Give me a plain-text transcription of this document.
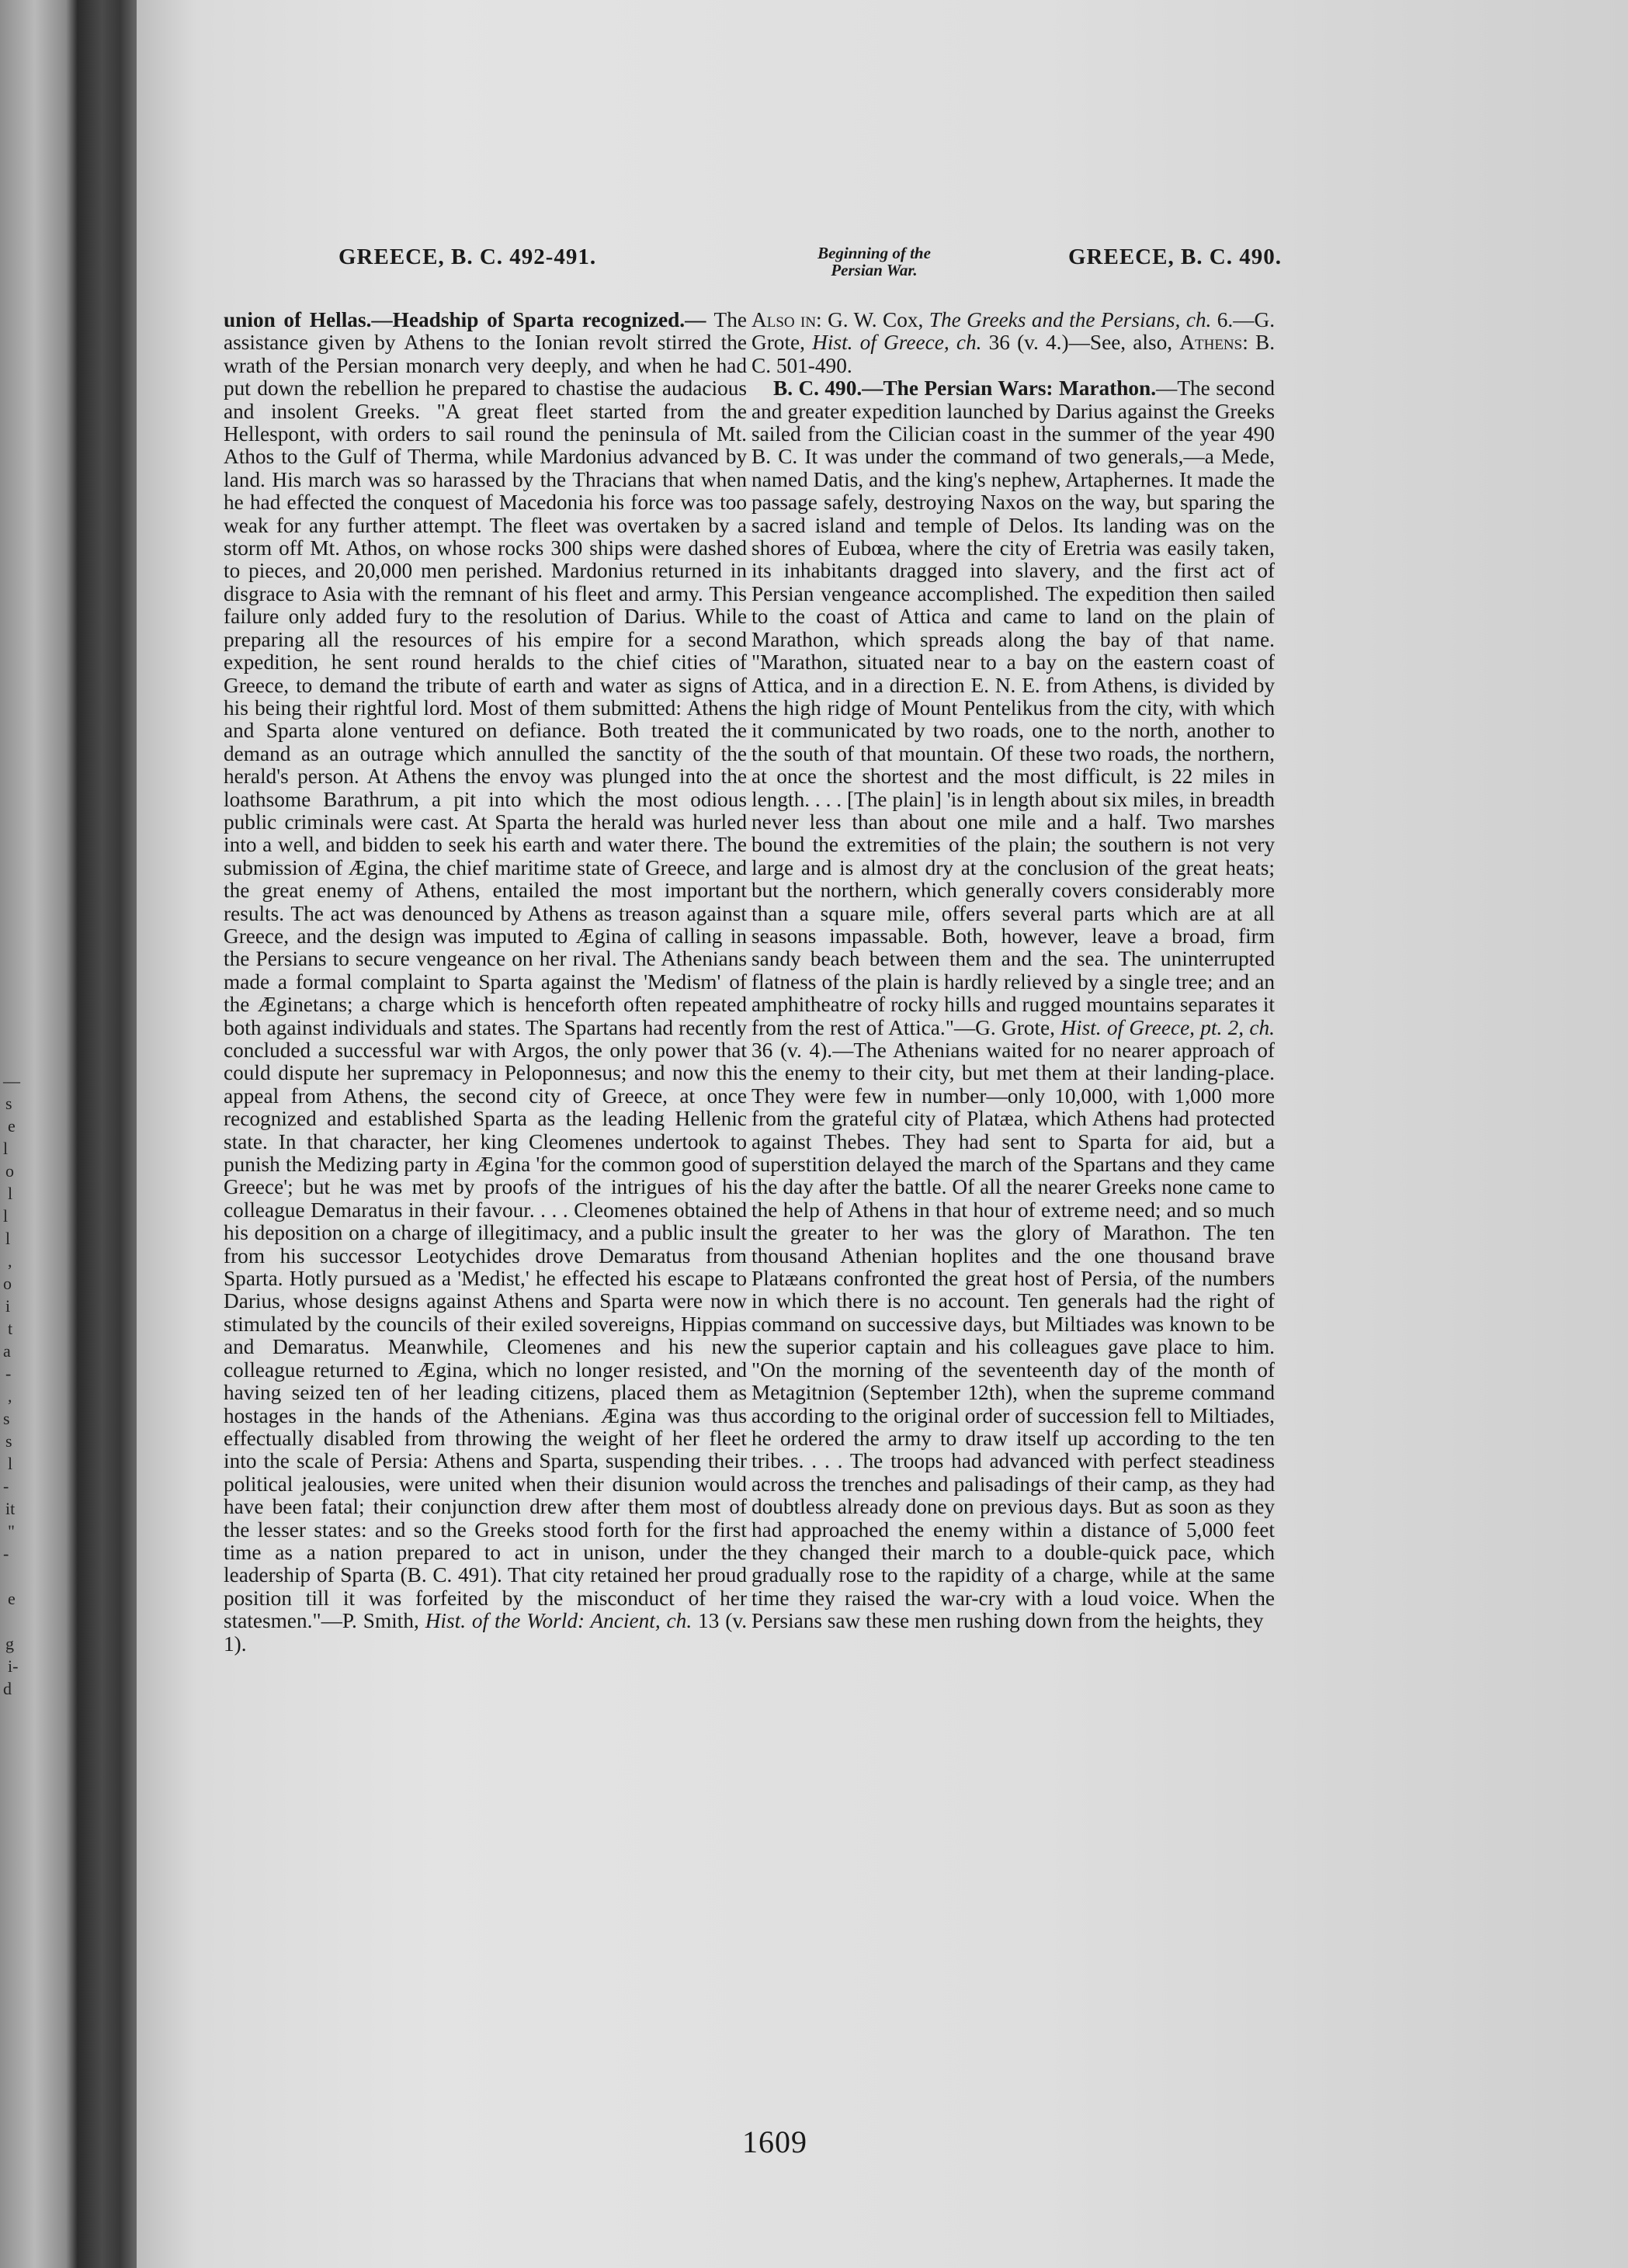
—
s
e
l
o
l
l
l
,
o
i
t
a
-
,
s
s
l
-
it
"
-
e
g
i-
d
GREECE, B. C. 492-491.	Beginning of the
Persian War.
GREECE, B. C. 490.

union of Hellas.—Headship of Sparta recognized.— The assistance given by Athens to the Ionian revolt stirred the wrath of the Persian monarch very deeply, and when he had put down the rebellion he prepared to chastise the audacious and insolent Greeks. "A great fleet started from the Hellespont, with orders to sail round the peninsula of Mt. Athos to the Gulf of Therma, while Mardonius advanced by land. His march was so harassed by the Thracians that when he had effected the conquest of Macedonia his force was too weak for any further attempt. The fleet was overtaken by a storm off Mt. Athos, on whose rocks 300 ships were dashed to pieces, and 20,000 men perished. Mardonius returned in disgrace to Asia with the remnant of his fleet and army. This failure only added fury to the resolution of Darius. While preparing all the resources of his empire for a second expedition, he sent round heralds to the chief cities of Greece, to demand the tribute of earth and water as signs of his being their rightful lord. Most of them submitted: Athens and Sparta alone ventured on defiance. Both treated the demand as an outrage which annulled the sanctity of the herald's person. At Athens the envoy was plunged into the loathsome Barathrum, a pit into which the most odious public criminals were cast. At Sparta the herald was hurled into a well, and bidden to seek his earth and water there. The submission of Ægina, the chief maritime state of Greece, and the great enemy of Athens, entailed the most important results. The act was denounced by Athens as treason against Greece, and the design was imputed to Ægina of calling in the Persians to secure vengeance on her rival. The Athenians made a formal complaint to Sparta against the 'Medism' of the Æginetans; a charge which is henceforth often repeated both against individuals and states. The Spartans had recently concluded a successful war with Argos, the only power that could dispute her supremacy in Peloponnesus; and now this appeal from Athens, the second city of Greece, at once recognized and established Sparta as the leading Hellenic state. In that character, her king Cleomenes undertook to punish the Medizing party in Ægina 'for the common good of Greece'; but he was met by proofs of the intrigues of his colleague Demaratus in their favour. . . . Cleomenes obtained his deposition on a charge of illegitimacy, and a public insult from his successor Leotychides drove Demaratus from Sparta. Hotly pursued as a 'Medist,' he effected his escape to Darius, whose designs against Athens and Sparta were now stimulated by the councils of their exiled sovereigns, Hippias and Demaratus. Meanwhile, Cleomenes and his new colleague returned to Ægina, which no longer resisted, and having seized ten of her leading citizens, placed them as hostages in the hands of the Athenians. Ægina was thus effectually disabled from throwing the weight of her fleet into the scale of Persia: Athens and Sparta, suspending their political jealousies, were united when their disunion would have been fatal; their conjunction drew after them most of the lesser states: and so the Greeks stood forth for the first time as a nation prepared to act in unison, under the leadership of Sparta (B. C. 491). That city retained her proud position till it was forfeited by the misconduct of her statesmen."—P. Smith, Hist. of the World: Ancient, ch. 13 (v. 1).

Also in: G. W. Cox, The Greeks and the Persians, ch. 6.—G. Grote, Hist. of Greece, ch. 36 (v. 4.)—See, also, Athens: B. C. 501-490.

B. C. 490.—The Persian Wars: Marathon.—The second and greater expedition launched by Darius against the Greeks sailed from the Cilician coast in the summer of the year 490 B. C. It was under the command of two generals,—a Mede, named Datis, and the king's nephew, Artaphernes. It made the passage safely, destroying Naxos on the way, but sparing the sacred island and temple of Delos. Its landing was on the shores of Eubœa, where the city of Eretria was easily taken, its inhabitants dragged into slavery, and the first act of Persian vengeance accomplished. The expedition then sailed to the coast of Attica and came to land on the plain of Marathon, which spreads along the bay of that name. "Marathon, situated near to a bay on the eastern coast of Attica, and in a direction E. N. E. from Athens, is divided by the high ridge of Mount Pentelikus from the city, with which it communicated by two roads, one to the north, another to the south of that mountain. Of these two roads, the northern, at once the shortest and the most difficult, is 22 miles in length. . . . [The plain] 'is in length about six miles, in breadth never less than about one mile and a half. Two marshes bound the extremities of the plain; the southern is not very large and is almost dry at the conclusion of the great heats; but the northern, which generally covers considerably more than a square mile, offers several parts which are at all seasons impassable. Both, however, leave a broad, firm sandy beach between them and the sea. The uninterrupted flatness of the plain is hardly relieved by a single tree; and an amphitheatre of rocky hills and rugged mountains separates it from the rest of Attica."—G. Grote, Hist. of Greece, pt. 2, ch. 36 (v. 4).—The Athenians waited for no nearer approach of the enemy to their city, but met them at their landing-place. They were few in number—only 10,000, with 1,000 more from the grateful city of Platæa, which Athens had protected against Thebes. They had sent to Sparta for aid, but a superstition delayed the march of the Spartans and they came the day after the battle. Of all the nearer Greeks none came to the help of Athens in that hour of extreme need; and so much the greater to her was the glory of Marathon. The ten thousand Athenian hoplites and the one thousand brave Platæans confronted the great host of Persia, of the numbers in which there is no account. Ten generals had the right of command on successive days, but Miltiades was known to be the superior captain and his colleagues gave place to him. "On the morning of the seventeenth day of the month of Metagitnion (September 12th), when the supreme command according to the original order of succession fell to Miltiades, he ordered the army to draw itself up according to the ten tribes. . . . The troops had advanced with perfect steadiness across the trenches and palisadings of their camp, as they had doubtless already done on previous days. But as soon as they had approached the enemy within a distance of 5,000 feet they changed their march to a double-quick pace, which gradually rose to the rapidity of a charge, while at the same time they raised the war-cry with a loud voice. When the Persians saw these men rushing down from the heights, they

1609
